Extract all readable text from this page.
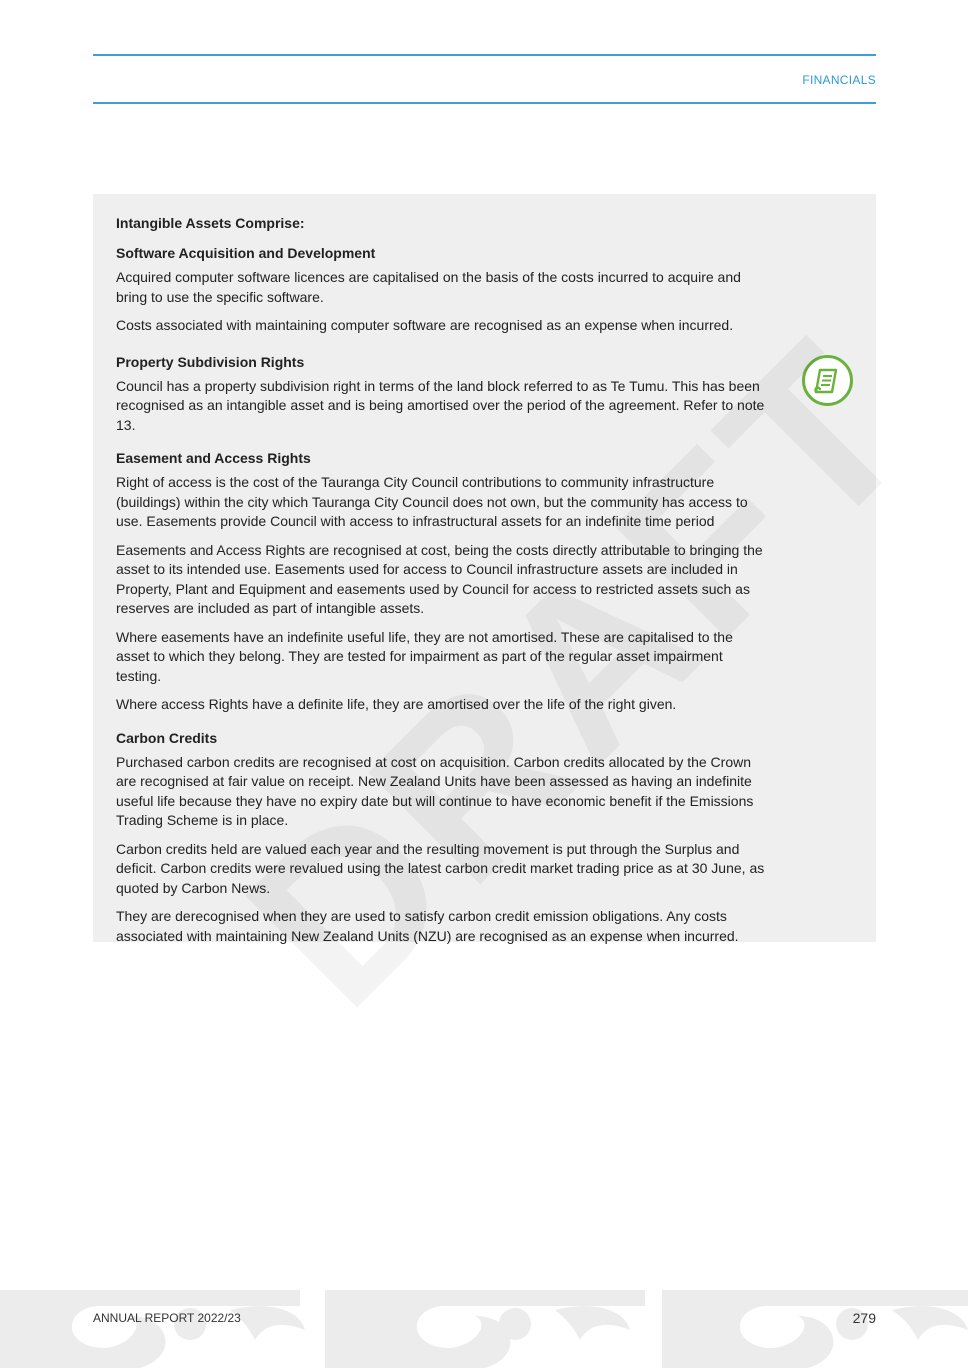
FINANCIALS
Intangible Assets Comprise:
Software Acquisition and Development

Acquired computer software licences are capitalised on the basis of the costs incurred to acquire and bring to use the specific software.

Costs associated with maintaining computer software are recognised as an expense when incurred.

Property Subdivision Rights

Council has a property subdivision right in terms of the land block referred to as Te Tumu. This has been recognised as an intangible asset and is being amortised over the period of the agreement. Refer to note 13.

Easement and Access Rights

Right of access is the cost of the Tauranga City Council contributions to community infrastructure (buildings) within the city which Tauranga City Council does not own, but the community has access to use. Easements provide Council with access to infrastructural assets for an indefinite time period

Easements and Access Rights are recognised at cost, being the costs directly attributable to bringing the asset to its intended use. Easements used for access to Council infrastructure assets are included in Property, Plant and Equipment and easements used by Council for access to restricted assets such as reserves are included as part of intangible assets.

Where easements have an indefinite useful life, they are not amortised. These are capitalised to the asset to which they belong. They are tested for impairment as part of the regular asset impairment testing.

Where access Rights have a definite life, they are amortised over the life of the right given.

Carbon Credits

Purchased carbon credits are recognised at cost on acquisition. Carbon credits allocated by the Crown are recognised at fair value on receipt. New Zealand Units have been assessed as having an indefinite useful life because they have no expiry date but will continue to have economic benefit if the Emissions Trading Scheme is in place.

Carbon credits held are valued each year and the resulting movement is put through the Surplus and deficit. Carbon credits were revalued using the latest carbon credit market trading price as at 30 June, as quoted by Carbon News.

They are derecognised when they are used to satisfy carbon credit emission obligations. Any costs associated with maintaining New Zealand Units (NZU) are recognised as an expense when incurred.

ANNUAL REPORT 2022/23	279
